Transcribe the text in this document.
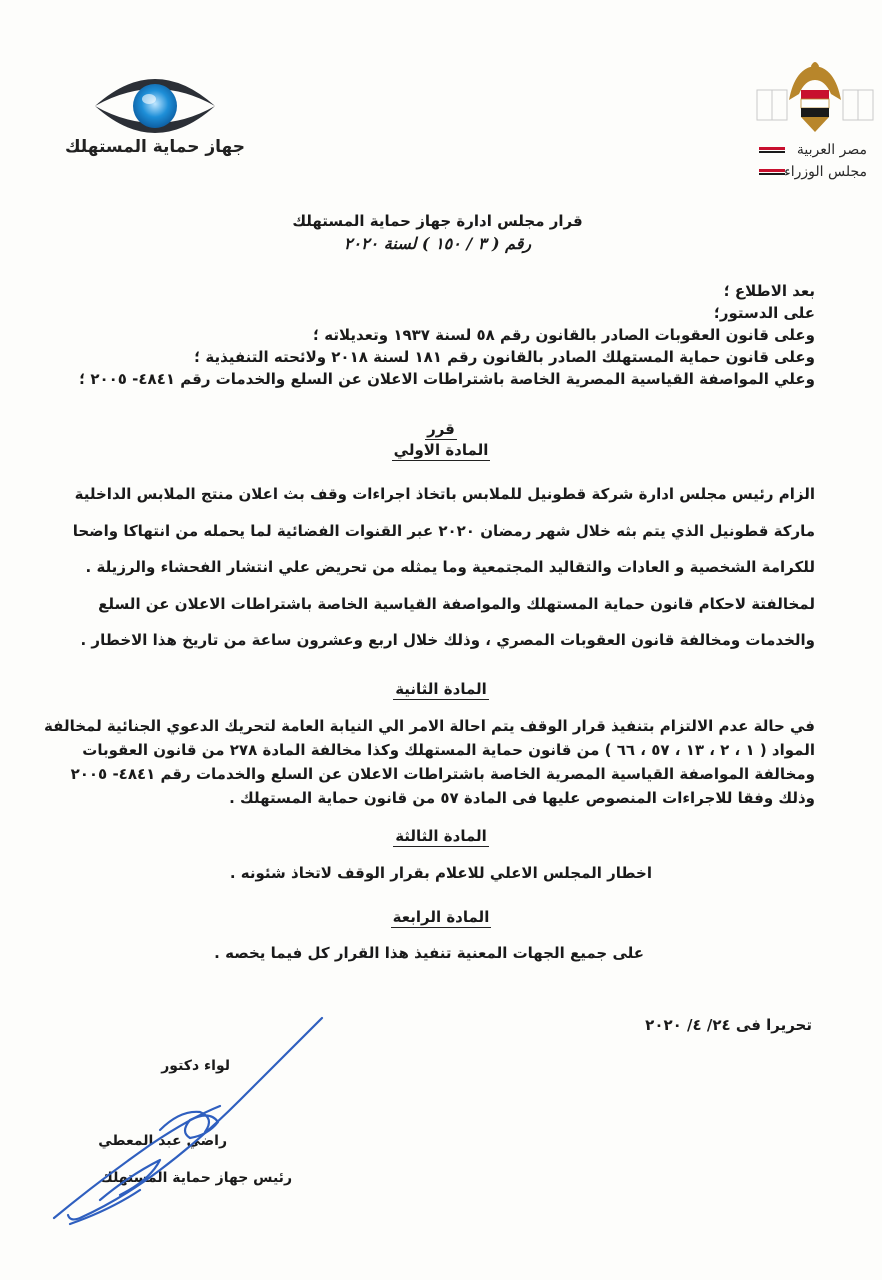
جهاز حماية المستهلك	مصر العربية
مجلس الوزراء
قرار مجلس ادارة جهاز حماية المستهلك
رقم ( ٣ / ١٥٠ ) لسنة ٢٠٢٠
بعد الاطلاع ؛
على الدستور؛
وعلى قانون العقوبات الصادر بالقانون رقم ٥٨ لسنة ١٩٣٧ وتعديلاته ؛
وعلى قانون حماية المستهلك الصادر بالقانون رقم ١٨١ لسنة ٢٠١٨ ولائحته التنفيذية ؛
وعلي المواصفة القياسية المصرية الخاصة باشتراطات الاعلان عن السلع والخدمات رقم ٤٨٤١- ٢٠٠٥ ؛
قرر
المادة الاولي
الزام رئيس مجلس ادارة شركة قطونيل للملابس باتخاذ اجراءات وقف بث اعلان منتج الملابس الداخلية
ماركة قطونيل الذي يتم بثه خلال شهر رمضان ٢٠٢٠ عبر القنوات الفضائية لما يحمله من انتهاكا واضحا
للكرامة الشخصية و العادات والتقاليد المجتمعية وما يمثله من تحريض علي انتشار الفحشاء والرزيلة .
لمخالفتة لاحكام قانون حماية المستهلك والمواصفة القياسية الخاصة باشتراطات الاعلان عن السلع
والخدمات ومخالفة قانون العقوبات المصري ، وذلك خلال اربع وعشرون ساعة من تاريخ هذا الاخطار .
المادة الثانية
في حالة عدم الالتزام بتنفيذ قرار الوقف يتم احالة الامر الي النيابة العامة لتحريك الدعوي الجنائية لمخالفة
المواد ( ١ ، ٢ ، ١٣ ، ٥٧ ، ٦٦ ) من قانون حماية المستهلك وكذا مخالفة المادة ٢٧٨ من قانون العقوبات
ومخالفة المواصفة القياسية المصرية الخاصة باشتراطات الاعلان عن السلع والخدمات رقم ٤٨٤١- ٢٠٠٥
وذلك وفقا للاجراءات المنصوص عليها فى المادة ٥٧ من قانون حماية المستهلك .
المادة الثالثة
اخطار المجلس الاعلي للاعلام بقرار الوقف لاتخاذ شئونه .
المادة الرابعة
على جميع الجهات المعنية تنفيذ هذا القرار كل فيما يخصه .
تحريرا فى ٢٤/ ٤/ ٢٠٢٠
لواء دكتور
راضي عبد المعطي
رئيس جهاز حماية المستهلك
